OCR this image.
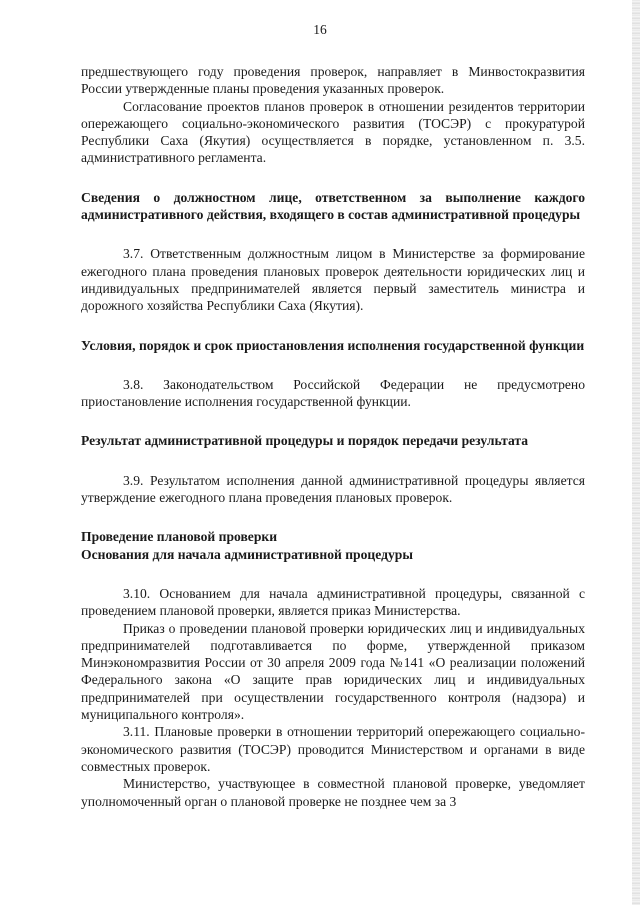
16

предшествующего году проведения проверок, направляет в Минвостокразвития России утвержденные планы проведения указанных проверок.

Согласование проектов планов проверок в отношении резидентов территории опережающего социально-экономического развития (ТОСЭР) с прокуратурой Республики Саха (Якутия) осуществляется в порядке, установленном п. 3.5. административного регламента.

Сведения о должностном лице, ответственном за выполнение каждого административного действия, входящего в состав административной процедуры

3.7. Ответственным должностным лицом в Министерстве за формирование ежегодного плана проведения плановых проверок деятельности юридических лиц и индивидуальных предпринимателей является первый заместитель министра и дорожного хозяйства Республики Саха (Якутия).

Условия, порядок и срок приостановления исполнения государственной функции

3.8. Законодательством Российской Федерации не предусмотрено приостановление исполнения государственной функции.

Результат административной процедуры и порядок передачи результата

3.9. Результатом исполнения данной административной процедуры является утверждение ежегодного плана проведения плановых проверок.

Проведение плановой проверки

Основания для начала административной процедуры

3.10. Основанием для начала административной процедуры, связанной с проведением плановой проверки, является приказ Министерства.

Приказ о проведении плановой проверки юридических лиц и индивидуальных предпринимателей подготавливается по форме, утвержденной приказом Минэкономразвития России от 30 апреля 2009 года №141 «О реализации положений Федерального закона «О защите прав юридических лиц и индивидуальных предпринимателей при осуществлении государственного контроля (надзора) и муниципального контроля».

3.11. Плановые проверки в отношении территорий опережающего социально-экономического развития (ТОСЭР) проводится Министерством и органами в виде совместных проверок.

Министерство, участвующее в совместной плановой проверке, уведомляет уполномоченный орган о плановой проверке не позднее чем за 3
